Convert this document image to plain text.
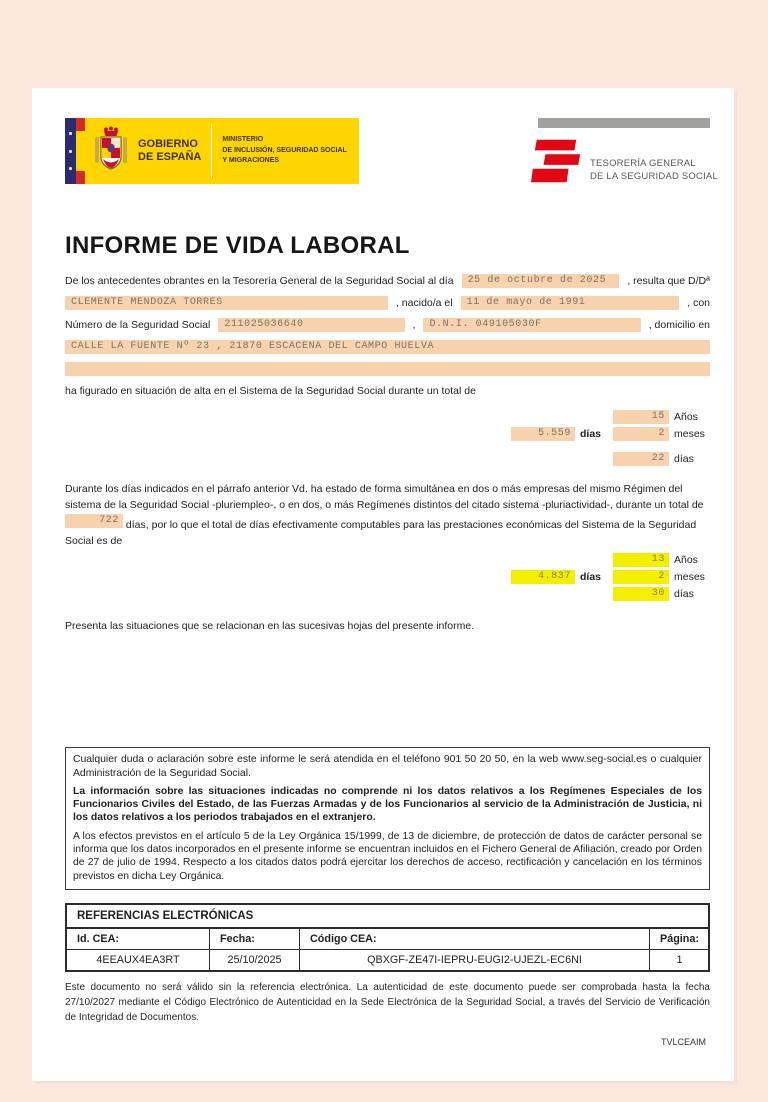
GOBIERNO
DE ESPAÑA
MINISTERIO
DE INCLUSIÓN, SEGURIDAD SOCIAL
Y MIGRACIONES	TESORERÍA GENERAL
DE LA SEGURIDAD SOCIAL
INFORME DE VIDA LABORAL
De los antecedentes obrantes en la Tesorería General de la Seguridad Social al día	25 de octubre de 2025	, resulta que D/Dª
CLEMENTE MENDOZA TORRES	, nacido/a el	11 de mayo de 1991	, con
Número de la Seguridad Social	211025036640	,	D.N.I. 049105030F	, domicilio en
CALLE LA FUENTE Nº 23 , 21870 ESCACENA DEL CAMPO HUELVA
ha figurado en situación de alta en el Sistema de la Seguridad Social durante un total de
15 Años
5.559 días	2 meses
22 días
Durante los días indicados en el párrafo anterior Vd. ha estado de forma simultánea en dos o más empresas del mismo Régimen del sistema de la Seguridad Social -pluriempleo-, o en dos, o más Regímenes distintos del citado sistema -pluriactividad-, durante un total de 722 días, por lo que el total de días efectivamente computables para las prestaciones económicas del Sistema de la Seguridad Social es de
13 Años
4.837 días	2 meses
30 días
Presenta las situaciones que se relacionan en las sucesivas hojas del presente informe.

Cualquier duda o aclaración sobre este informe le será atendida en el teléfono 901 50 20 50, en la web www.seg-social.es o cualquier Administración de la Seguridad Social.

La información sobre las situaciones indicadas no comprende ni los datos relativos a los Regímenes Especiales de los Funcionarios Civiles del Estado, de las Fuerzas Armadas y de los Funcionarios al servicio de la Administración de Justicia, ni los datos relativos a los periodos trabajados en el extranjero.

A los efectos previstos en el artículo 5 de la Ley Orgánica 15/1999, de 13 de diciembre, de protección de datos de carácter personal se informa que los datos incorporados en el presente informe se encuentran incluidos en el Fichero General de Afiliación, creado por Orden de 27 de julio de 1994. Respecto a los citados datos podrá ejercitar los derechos de acceso, rectificación y cancelación en los términos previstos en dicha Ley Orgánica.

REFERENCIAS ELECTRÓNICAS
Id. CEA:	Fecha:	Código CEA:	Página:
4EEAUX4EA3RT	25/10/2025	QBXGF-ZE47I-IEPRU-EUGI2-UJEZL-EC6NI	1
Este documento no será válido sin la referencia electrónica. La autenticidad de este documento puede ser comprobada hasta la fecha 27/10/2027 mediante el Código Electrónico de Autenticidad en la Sede Electrónica de la Seguridad Social, a través del Servicio de Verificación de Integridad de Documentos.
TVLCEAIM
